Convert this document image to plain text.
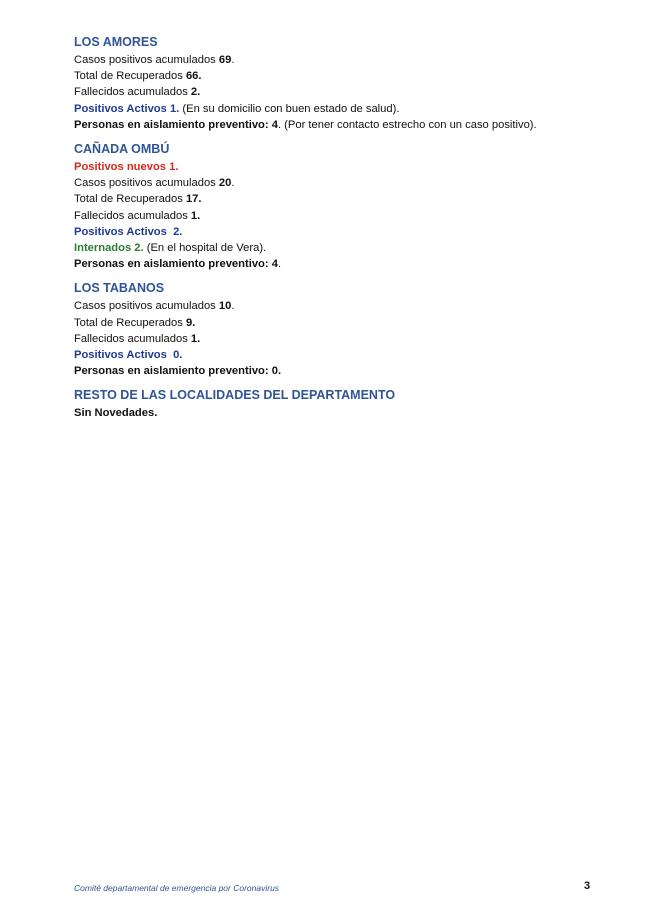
LOS AMORES
Casos positivos acumulados 69.
Total de Recuperados 66.
Fallecidos acumulados 2.
Positivos Activos 1. (En su domicilio con buen estado de salud).
Personas en aislamiento preventivo: 4. (Por tener contacto estrecho con un caso positivo).
CAÑADA OMBÚ
Positivos nuevos 1.
Casos positivos acumulados 20.
Total de Recuperados 17.
Fallecidos acumulados 1.
Positivos Activos  2.
Internados 2. (En el hospital de Vera).
Personas en aislamiento preventivo: 4.
LOS TABANOS
Casos positivos acumulados 10.
Total de Recuperados 9.
Fallecidos acumulados 1.
Positivos Activos  0.
Personas en aislamiento preventivo: 0.
RESTO DE LAS LOCALIDADES DEL DEPARTAMENTO
Sin Novedades.
Comité departamental de emergencia por Coronavirus	3
